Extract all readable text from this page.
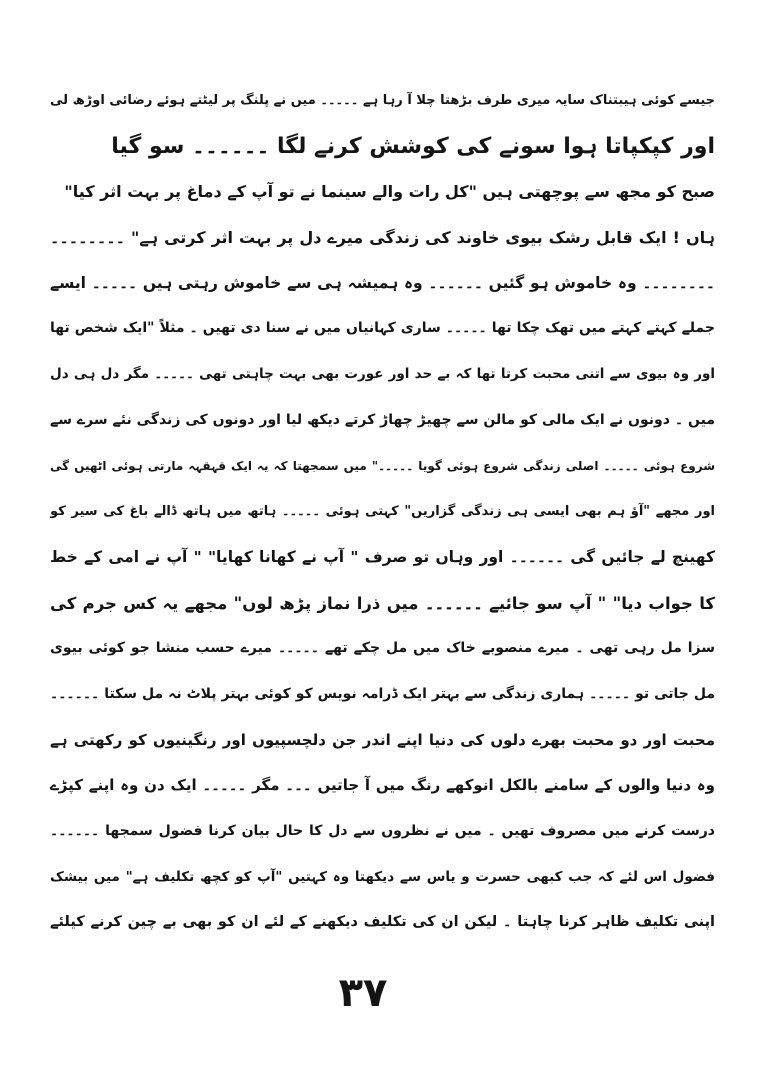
جیسے کوئی ہیبتناک سایہ میری طرف بڑھتا چلا آ رہا ہے ۔۔۔۔۔ میں نے پلنگ پر لیٹتے ہوئے رضائی اوڑھ لی
اور کپکپاتا ہوا سونے کی کوشش کرنے لگا ۔۔۔۔۔۔ سو گیا
صبح کو مجھ سے پوچھتی ہیں "کل رات والے سینما نے تو آپ کے دماغ پر بہت اثر کیا"
ہاں ! ایک قابل رشک بیوی خاوند کی زندگی میرے دل پر بہت اثر کرتی ہے" ۔۔۔۔۔۔۔۔
۔۔۔۔۔۔۔۔ وہ خاموش ہو گئیں ۔۔۔۔۔۔ وہ ہمیشہ ہی سے خاموش رہتی ہیں ۔۔۔۔۔ ایسے
جملے کہتے کہتے میں تھک چکا تھا ۔۔۔۔۔ ساری کہانیاں میں نے سنا دی تھیں ۔ مثلاً "ایک شخص تھا
اور وہ بیوی سے اتنی محبت کرتا تھا کہ بے حد اور عورت بھی بہت چاہتی تھی ۔۔۔۔۔ مگر دل ہی دل
میں ۔ دونوں نے ایک مالی کو مالن سے چھیڑ چھاڑ کرتے دیکھ لیا اور دونوں کی زندگی نئے سرے سے
شروع ہوئی ۔۔۔۔۔ اصلی زندگی شروع ہوئی گویا ۔۔۔۔۔" میں سمجھتا کہ یہ ایک قہقہہ مارتی ہوئی اٹھیں گی
اور مجھے "آؤ ہم بھی ایسی ہی زندگی گزاریں" کہتی ہوئی ۔۔۔۔۔ ہاتھ میں ہاتھ ڈالے باغ کی سیر کو
کھینچ لے جائیں گی ۔۔۔۔۔۔ اور وہاں تو صرف " آپ نے کھانا کھایا" " آپ نے امی کے خط
کا جواب دیا" " آپ سو جائیے ۔۔۔۔۔۔ میں ذرا نماز پڑھ لوں" مجھے یہ کس جرم کی
سزا مل رہی تھی ۔ میرے منصوبے خاک میں مل چکے تھے ۔۔۔۔۔ میرے حسب منشا جو کوئی بیوی
مل جاتی تو ۔۔۔۔۔ ہماری زندگی سے بہتر ایک ڈرامہ نویس کو کوئی بہتر پلاٹ نہ مل سکتا ۔۔۔۔۔۔
محبت اور دو محبت بھرے دلوں کی دنیا اپنے اندر جن دلچسپیوں اور رنگینیوں کو رکھتی ہے
وہ دنیا والوں کے سامنے بالکل انوکھے رنگ میں آ جاتیں ۔۔۔ مگر ۔۔۔۔۔ ایک دن وہ اپنے کپڑے
درست کرنے میں مصروف تھیں ۔ میں نے نظروں سے دل کا حال بیان کرنا فضول سمجھا ۔۔۔۔۔۔
فضول اس لئے کہ جب کبھی حسرت و یاس سے دیکھتا وہ کہتیں "آپ کو کچھ تکلیف ہے" میں بیشک
اپنی تکلیف ظاہر کرنا چاہتا ۔ لیکن ان کی تکلیف دیکھنے کے لئے ان کو بھی بے چین کرنے کیلئے
۳۷
